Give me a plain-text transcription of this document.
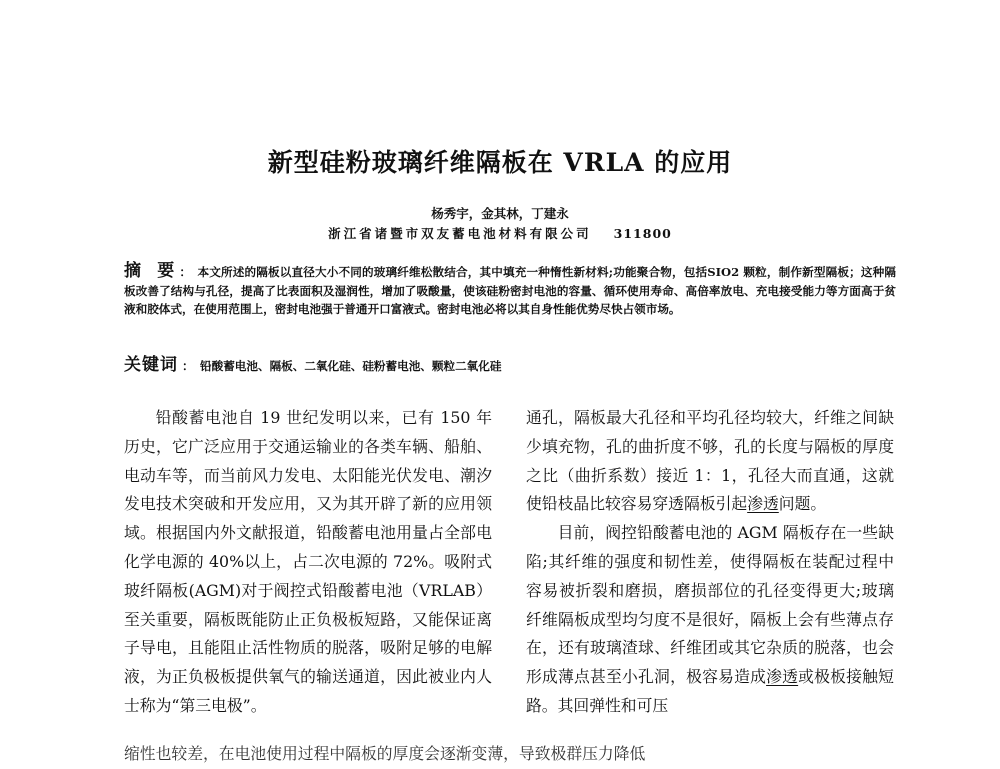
新型硅粉玻璃纤维隔板在 VRLA 的应用
杨秀宇，金其林，丁建永
浙江省诸暨市双友蓄电池材料有限公司 311800
摘 要： 本文所述的隔板以直径大小不同的玻璃纤维松散结合，其中填充一种惰性新材料;功能聚合物，包括SIO2 颗粒，制作新型隔板；这种隔板改善了结构与孔径，提高了比表面积及湿润性，增加了吸酸量，使该硅粉密封电池的容量、循环使用寿命、高倍率放电、充电接受能力等方面高于贫液和胶体式，在使用范围上，密封电池强于普通开口富液式。密封电池必将以其自身性能优势尽快占领市场。
关键词 ： 铅酸蓄电池、隔板、二氧化硅、硅粉蓄电池、颗粒二氧化硅

铅酸蓄电池自 19 世纪发明以来，已有 150 年历史，它广泛应用于交通运输业的各类车辆、船舶、电动车等，而当前风力发电、太阳能光伏发电、潮汐发电技术突破和开发应用，又为其开辟了新的应用领域。根据国内外文献报道，铅酸蓄电池用量占全部电化学电源的 40%以上，占二次电源的 72%。吸附式玻纤隔板(AGM)对于阀控式铅酸蓄电池（VRLAB）至关重要，隔板既能防止正负极板短路，又能保证离子导电，且能阻止活性物质的脱落，吸附足够的电解液，为正负极板提供氧气的输送通道，因此被业内人士称为“第三电极”。

通孔，隔板最大孔径和平均孔径均较大，纤维之间缺少填充物，孔的曲折度不够，孔的长度与隔板的厚度之比（曲折系数）接近 1：1，孔径大而直通，这就使铅枝晶比较容易穿透隔板引起渗透问题。

目前，阀控铅酸蓄电池的 AGM 隔板存在一些缺陷;其纤维的强度和韧性差，使得隔板在装配过程中容易被折裂和磨损，磨损部位的孔径变得更大;玻璃纤维隔板成型均匀度不是很好，隔板上会有些薄点存在，还有玻璃渣球、纤维团或其它杂质的脱落，也会形成薄点甚至小孔洞，极容易造成渗透或极板接触短路。其回弹性和可压

缩性也较差，在电池使用过程中隔板的厚度会逐渐变薄，导致极群压力降低
